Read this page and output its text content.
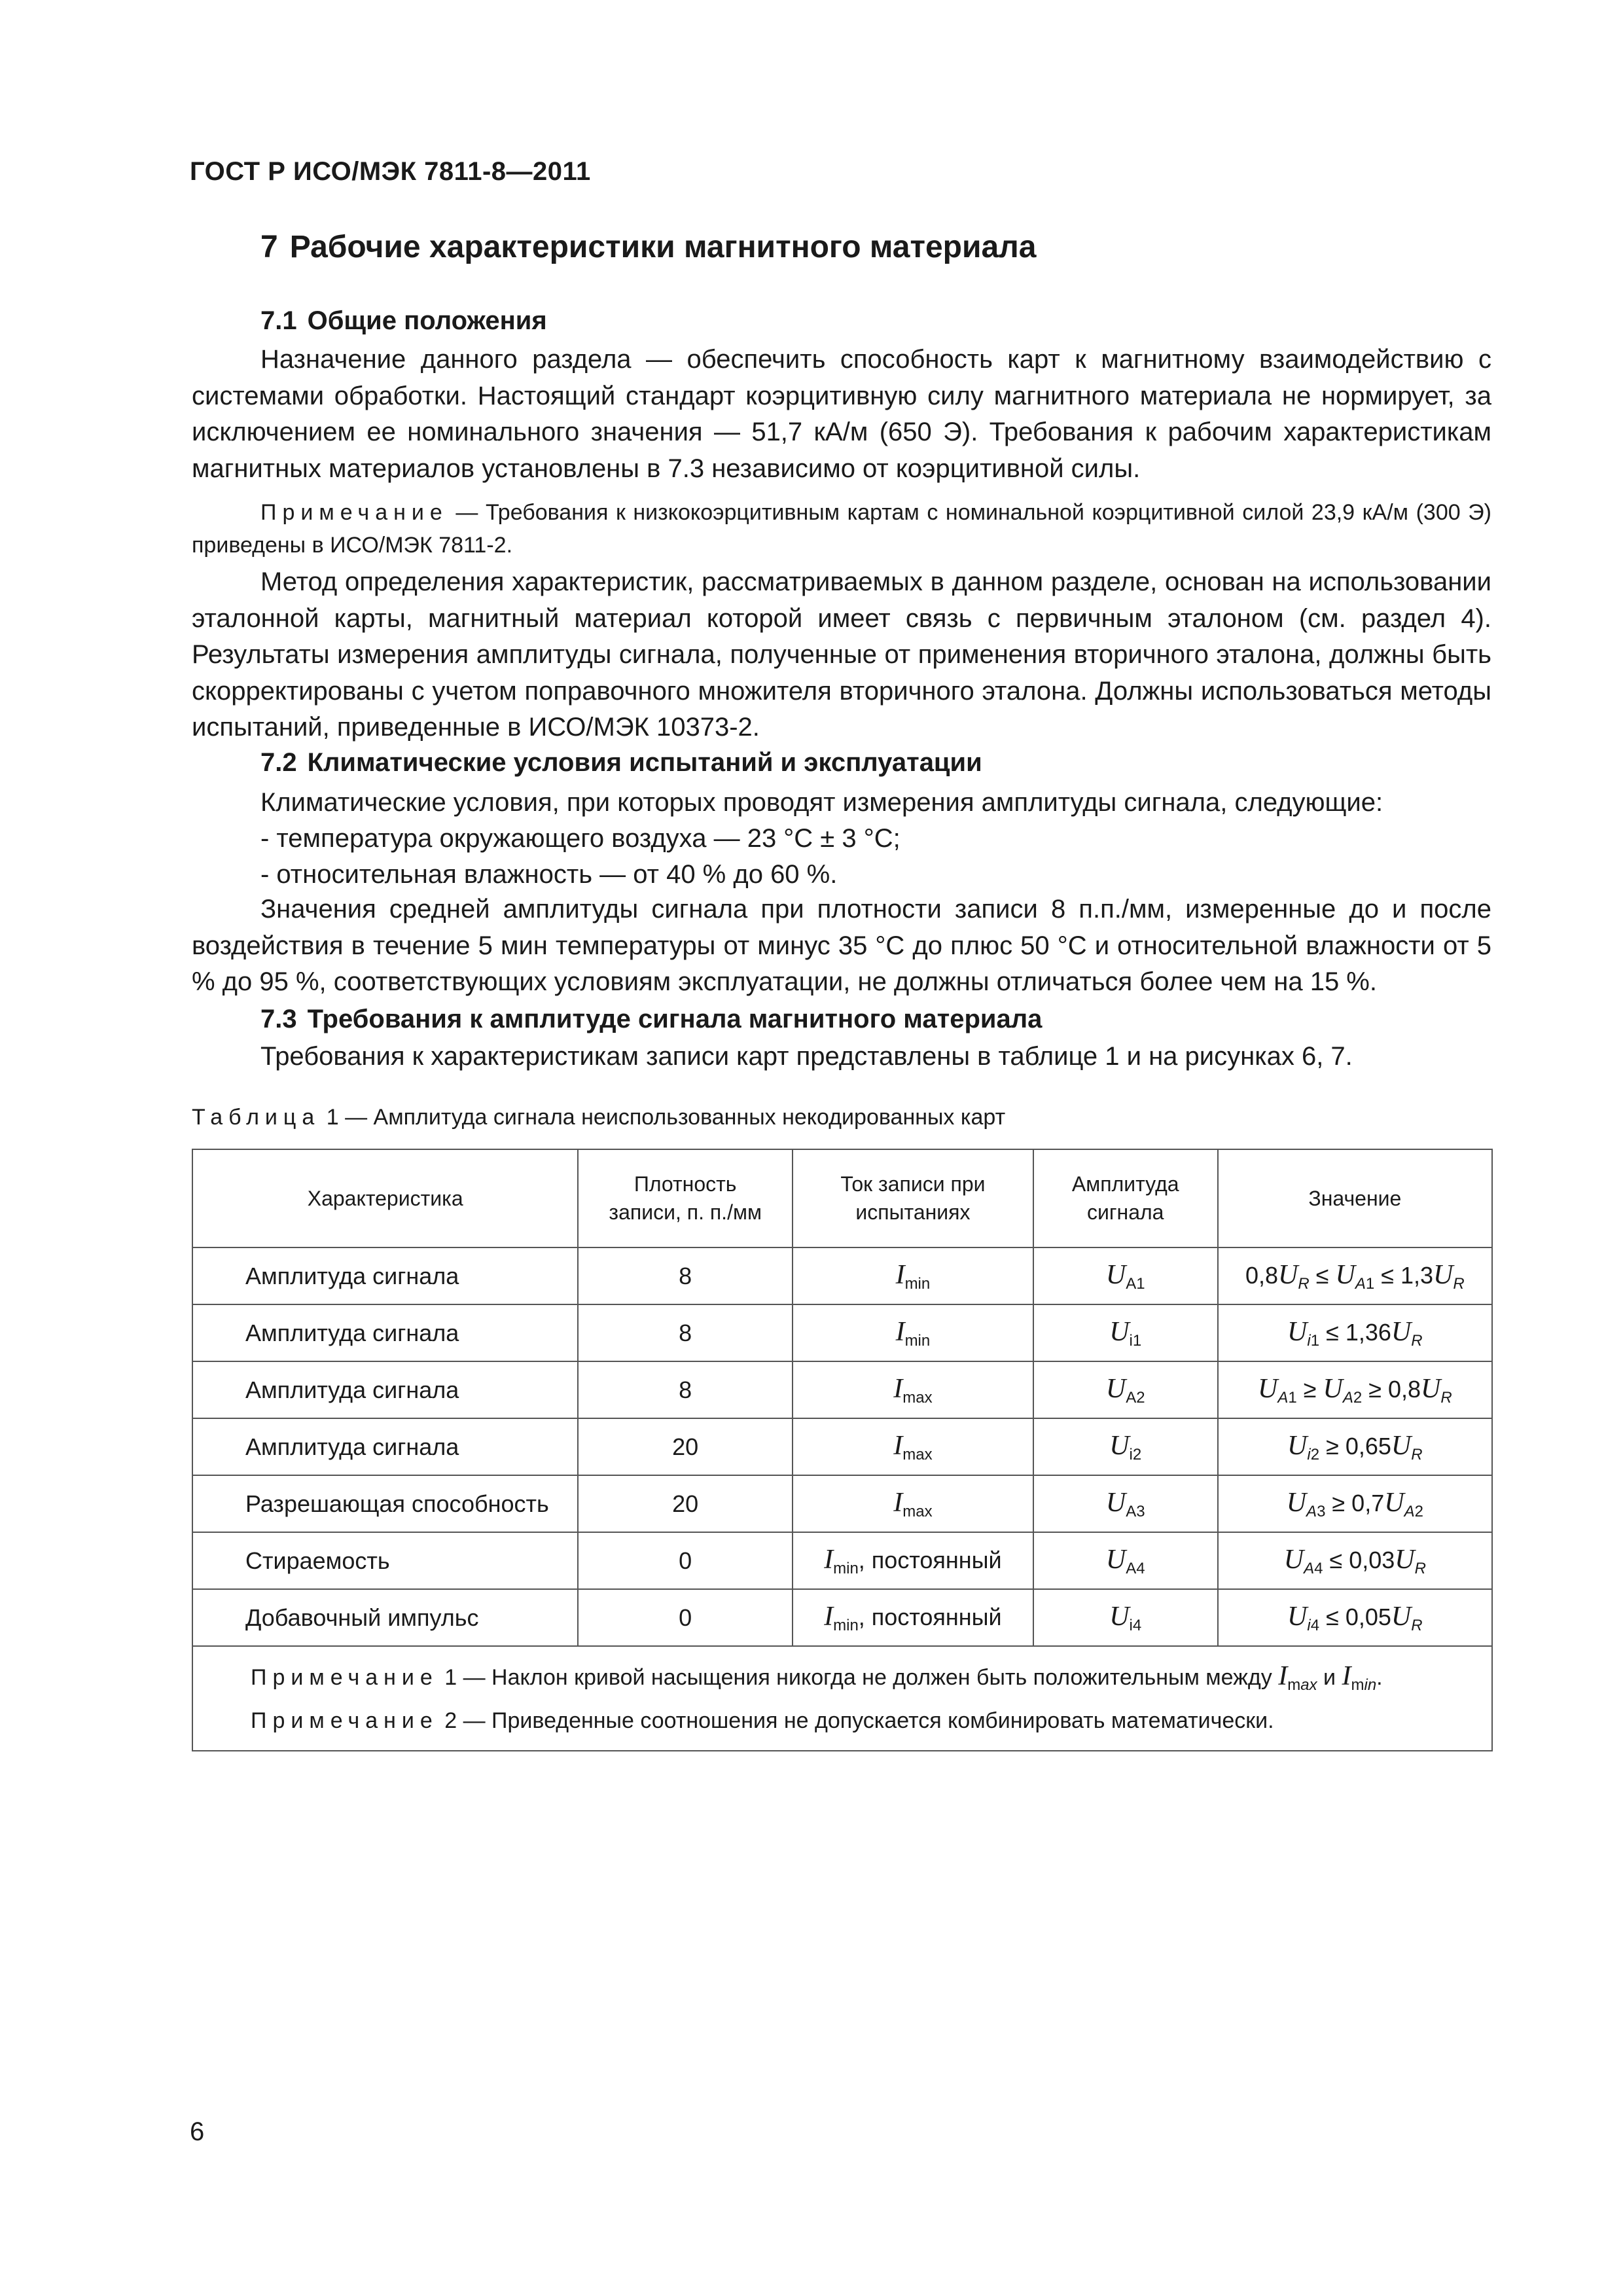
ГОСТ Р ИСО/МЭК 7811-8—2011
7 Рабочие характеристики магнитного материала
7.1 Общие положения

Назначение данного раздела — обеспечить способность карт к магнитному взаимодействию с системами обработки. Настоящий стандарт коэрцитивную силу магнитного материала не нормирует, за исключением ее номинального значения — 51,7 кА/м (650 Э). Требования к рабочим характеристикам магнитных материалов установлены в 7.3 независимо от коэрцитивной силы.

Примечание — Требования к низкокоэрцитивным картам с номинальной коэрцитивной силой 23,9 кА/м (300 Э) приведены в ИСО/МЭК 7811-2.

Метод определения характеристик, рассматриваемых в данном разделе, основан на использовании эталонной карты, магнитный материал которой имеет связь с первичным эталоном (см. раздел 4). Результаты измерения амплитуды сигнала, полученные от применения вторичного эталона, должны быть скорректированы с учетом поправочного множителя вторичного эталона. Должны использоваться методы испытаний, приведенные в ИСО/МЭК 10373-2.

7.2 Климатические условия испытаний и эксплуатации
Климатические условия, при которых проводят измерения амплитуды сигнала, следующие:
- температура окружающего воздуха — 23 °С ± 3 °С;
- относительная влажность — от 40 % до 60 %.

Значения средней амплитуды сигнала при плотности записи 8 п.п./мм, измеренные до и после воздействия в течение 5 мин температуры от минус 35 °С до плюс 50 °С и относительной влажности от 5 % до 95 %, соответствующих условиям эксплуатации, не должны отличаться более чем на 15 %.

7.3 Требования к амплитуде сигнала магнитного материала
Требования к характеристикам записи карт представлены в таблице 1 и на рисунках 6, 7.
Таблица 1 — Амплитуда сигнала неиспользованных некодированных карт
Характеристика	Плотность записи, п. п./мм	Ток записи при испытаниях	Амплитуда сигнала	Значение
Амплитуда сигнала	8	$I_{min}$	$U_{A1}$	$0,8U_R \le U_{A1} \le 1,3U_R$
Амплитуда сигнала	8	$I_{min}$	$U_{i1}$	$U_{i1} \le 1,36U_R$
Амплитуда сигнала	8	$I_{max}$	$U_{A2}$	$U_{A1} \ge U_{A2} \ge 0,8U_R$
Амплитуда сигнала	20	$I_{max}$	$U_{i2}$	$U_{i2} \ge 0,65U_R$
Разрешающая способность	20	$I_{max}$	$U_{A3}$	$U_{A3} \ge 0,7U_{A2}$
Стираемость	0	$I_{min}$, постоянный	$U_{A4}$	$U_{A4} \le 0,03U_R$
Добавочный импульс	0	$I_{min}$, постоянный	$U_{i4}$	$U_{i4} \le 0,05U_R$

Примечание 1 — Наклон кривой насыщения никогда не должен быть положительным между $I_{max}$ и $I_{min}$.
Примечание 2 — Приведенные соотношения не допускается комбинировать математически.				
6
